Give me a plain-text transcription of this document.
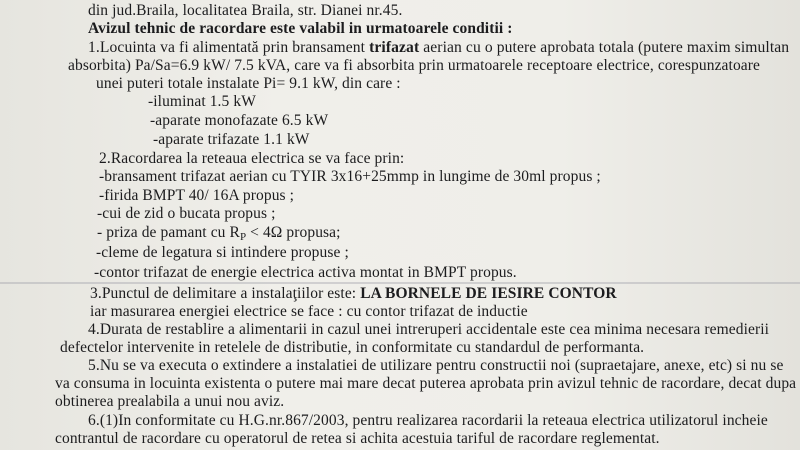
din jud.Braila, localitatea Braila, str. Dianei nr.45.
Avizul tehnic de racordare este valabil in urmatoarele conditii :
1.Locuinta va fi alimentată prin bransament trifazat aerian cu o putere aprobata totala (putere maxim simultan
absorbita) Pa/Sa=6.9 kW/ 7.5 kVA, care va fi absorbita prin urmatoarele receptoare electrice, corespunzatoare
unei puteri totale instalate Pi= 9.1 kW, din care :
-iluminat 1.5 kW
-aparate monofazate 6.5 kW
-aparate trifazate 1.1 kW
2.Racordarea la reteaua electrica se va face prin:
-bransament trifazat aerian cu TYIR 3x16+25mmp in lungime de 30ml propus ;
-firida BMPT 40/ 16A propus ;
-cui de zid o bucata propus ;
- priza de pamant cu RP < 4Ω propusa;
-cleme de legatura si intindere propuse ;
-contor trifazat de energie electrica activa montat in BMPT propus.
3.Punctul de delimitare a instalaţiilor este: LA BORNELE DE IESIRE CONTOR
iar masurarea energiei electrice se face : cu contor trifazat de inductie
4.Durata de restablire a alimentarii in cazul unei intreruperi accidentale este cea minima necesara remedierii
defectelor intervenite in retelele de distributie, in conformitate cu standardul de performanta.
5.Nu se va executa o extindere a instalatiei de utilizare pentru constructii noi (supraetajare, anexe, etc) si nu se
va consuma in locuinta existenta o putere mai mare decat puterea aprobata prin avizul tehnic de racordare, decat dupa
obtinerea prealabila a unui nou aviz.
6.(1)In conformitate cu H.G.nr.867/2003, pentru realizarea racordarii la reteaua electrica utilizatorul incheie
contrantul de racordare cu operatorul de retea si achita acestuia tariful de racordare reglementat.
